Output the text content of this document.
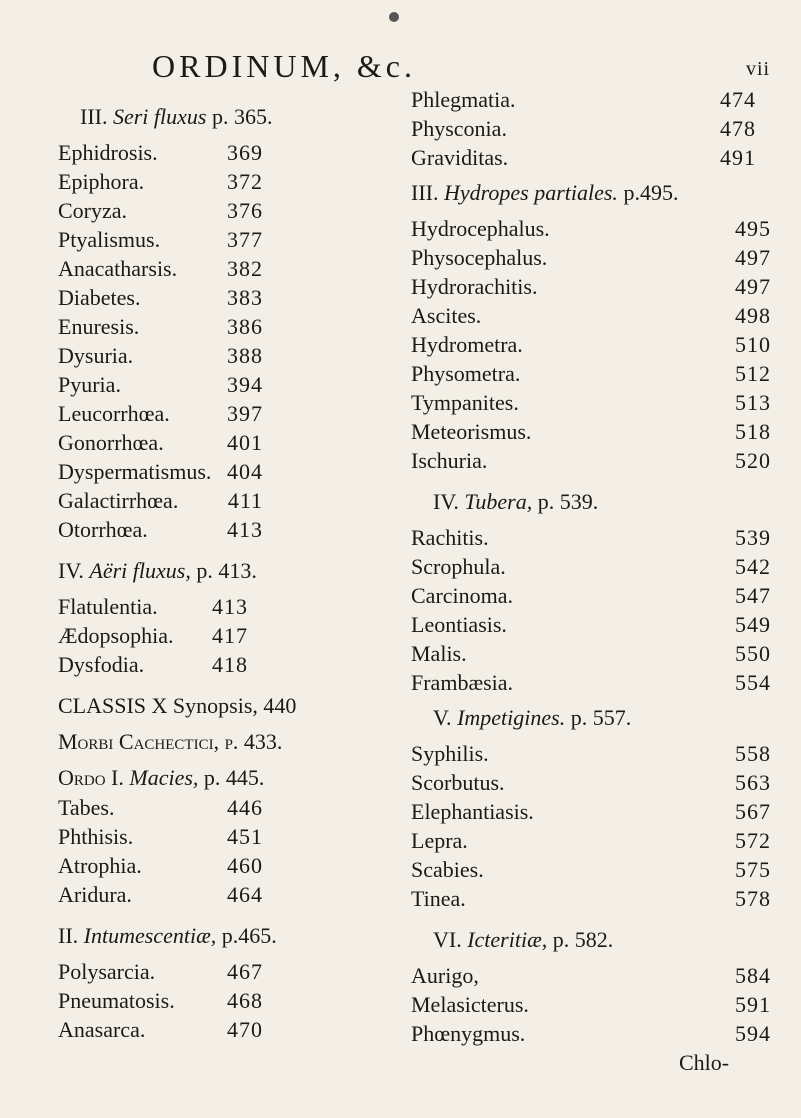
ORDINUM, &c.	vii
III. Seri fluxus p. 365.
Ephidrosis.	369
Epiphora.	372
Coryza.	376
Ptyalismus.	377
Anacatharsis. 382
Diabetes.	383
Enuresis.	386
Dysuria.	388
Pyuria.	394
Leucorrhœa.	397
Gonorrhœa.	401
Dyspermatismus. 404
Galactirrhœa. 411
Otorrhœa.	413
IV. Aëri fluxus, p. 413.
Flatulentia. 413
Ædopsophia. 417
Dysfodia.	418
CLASSIS X Synopsis, 440
Morbi Cachectici, p. 433.
Ordo I. Macies, p. 445.
Tabes.	446
Phthisis.	451
Atrophia.	460
Aridura.	464
II. Intumescentiæ, p.465.
Polysarcia.	467
Pneumatosis. 468
Anasarca.	470
Phlegmatia.	474
Physconia.	478
Graviditas.	491
III. Hydropes partiales. p.495.
Hydrocephalus.	495
Physocephalus.	497
Hydrorachitis.	497
Ascites.	498
Hydrometra.	510
Physometra.	512
Tympanites.	513
Meteorismus.	518
Ischuria.	520
IV. Tubera, p. 539.
Rachitis.	539
Scrophula.	542
Carcinoma.	547
Leontiasis.	549
Malis.	550
Frambæsia.	554
V. Impetigines. p. 557.
Syphilis.	558
Scorbutus.	563
Elephantiasis.	567
Lepra.	572
Scabies.	575
Tinea.	578
VI. Icteritiæ, p. 582.
Aurigo,	584
Melasicterus.	591
Phœnygmus.	594
Chlo-
